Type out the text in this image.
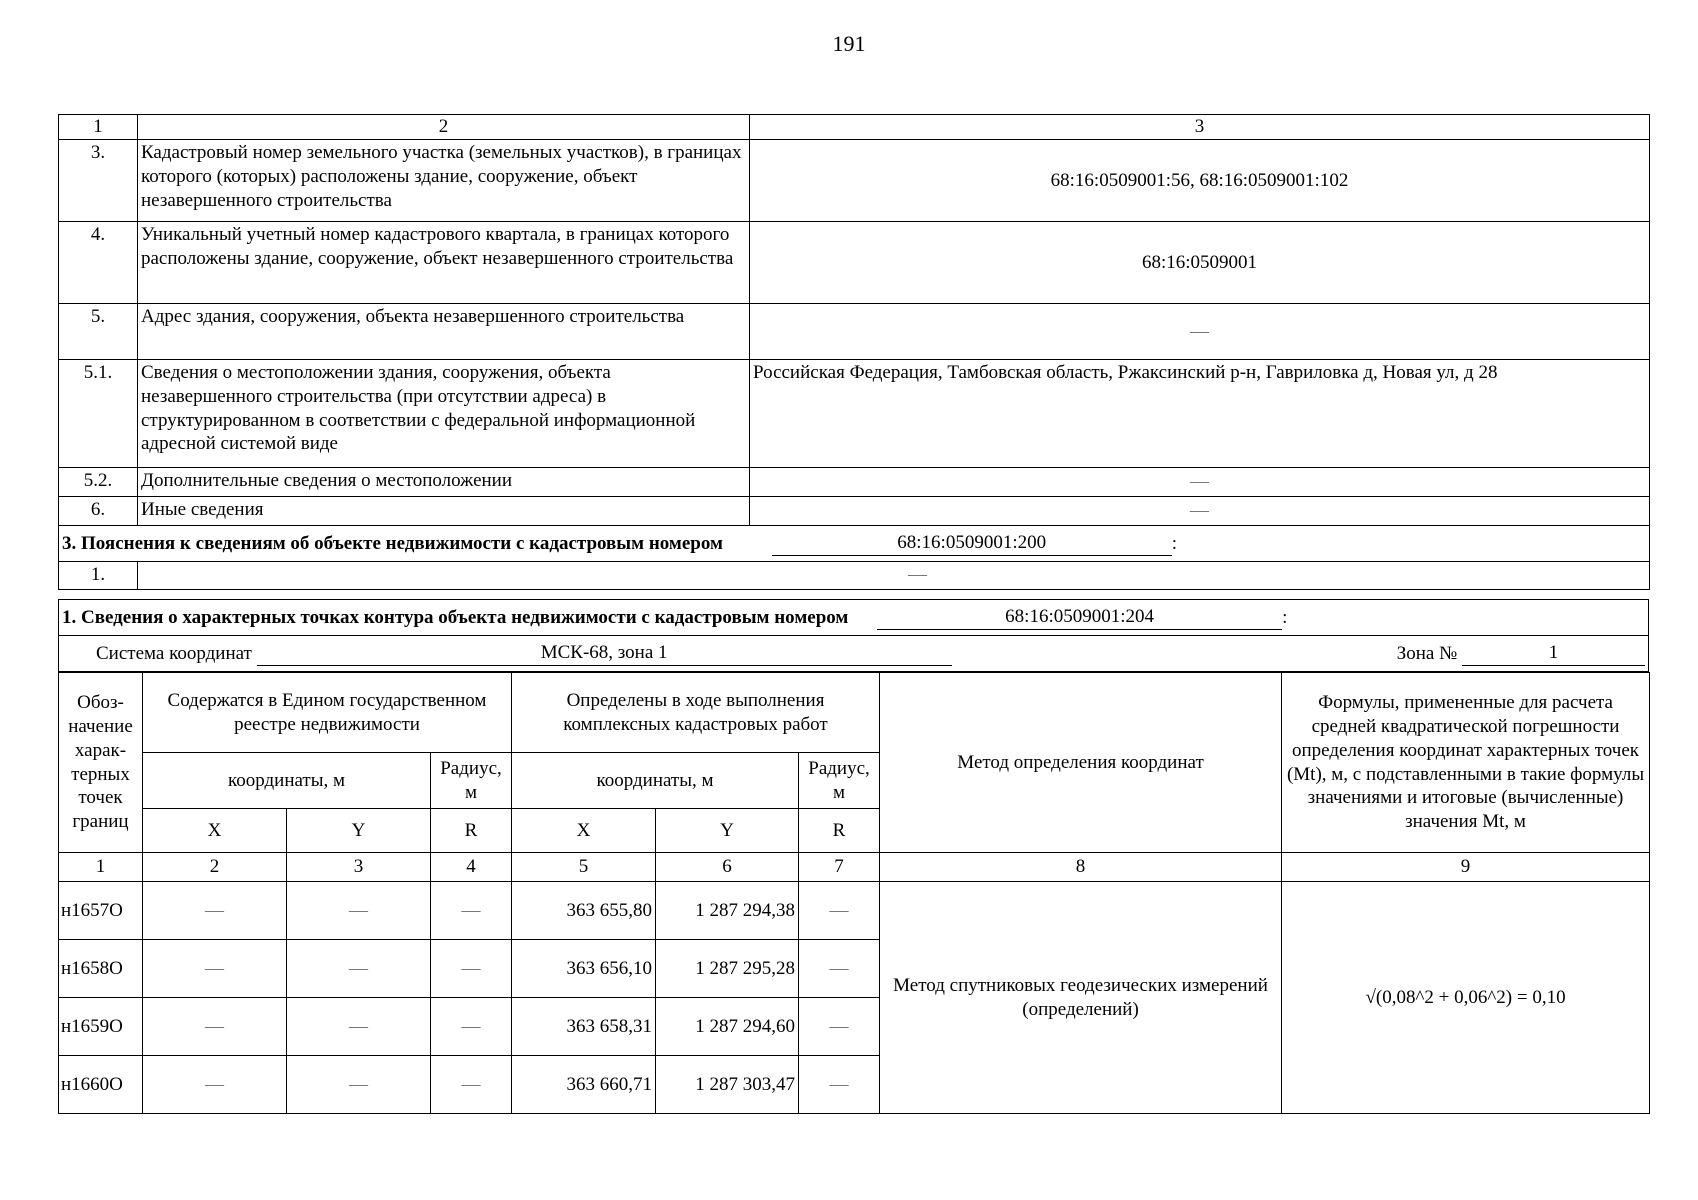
191
1	2	3
3.	Кадастровый номер земельного участка (земельных участков), в границах которого (которых) расположены здание, сооружение, объект незавершенного строительства	68:16:0509001:56, 68:16:0509001:102
4.	Уникальный учетный номер кадастрового квартала, в границах которого расположены здание, сооружение, объект незавершенного строительства	68:16:0509001
5.	Адрес здания, сооружения, объекта незавершенного строительства	—
5.1.	Сведения о местоположении здания, сооружения, объекта незавершенного строительства (при отсутствии адреса) в структурированном в соответствии с федеральной информационной адресной системой виде	Российская Федерация, Тамбовская область, Ржаксинский р-н, Гавриловка д, Новая ул, д 28
5.2.	Дополнительные сведения о местоположении	—
6.	Иные сведения	—
3. Пояснения к сведениям об объекте недвижимости с кадастровым номером 68:16:0509001:200 :		
1.	—	
1. Сведения о характерных точках контура объекта недвижимости с кадастровым номером	68:16:0509001:204	:

Система координат	МСК-68, зона 1	Зона №	1
Обоз-начение харак-терных точек границ	Содержатся в Едином государственном реестре недвижимости			Определены в ходе выполнения комплексных кадастровых работ			Метод определения координат	Формулы, примененные для расчета средней квадратической погрешности определения координат характерных точек (Mt), м, с подставленными в такие формулы значениями и итоговые (вычисленные) значения Mt, м
	координаты, м		Радиус, м	координаты, м		Радиус, м		
	X	Y	R	X	Y	R		
1	2	3	4	5	6	7	8	9
н1657О	—	—	—	363 655,80	1 287 294,38	—	Метод спутниковых геодезических измерений (определений)	√(0,08^2 + 0,06^2) = 0,10
н1658О	—	—	—	363 656,10	1 287 295,28	—		
н1659О	—	—	—	363 658,31	1 287 294,60	—		
н1660О	—	—	—	363 660,71	1 287 303,47	—		
